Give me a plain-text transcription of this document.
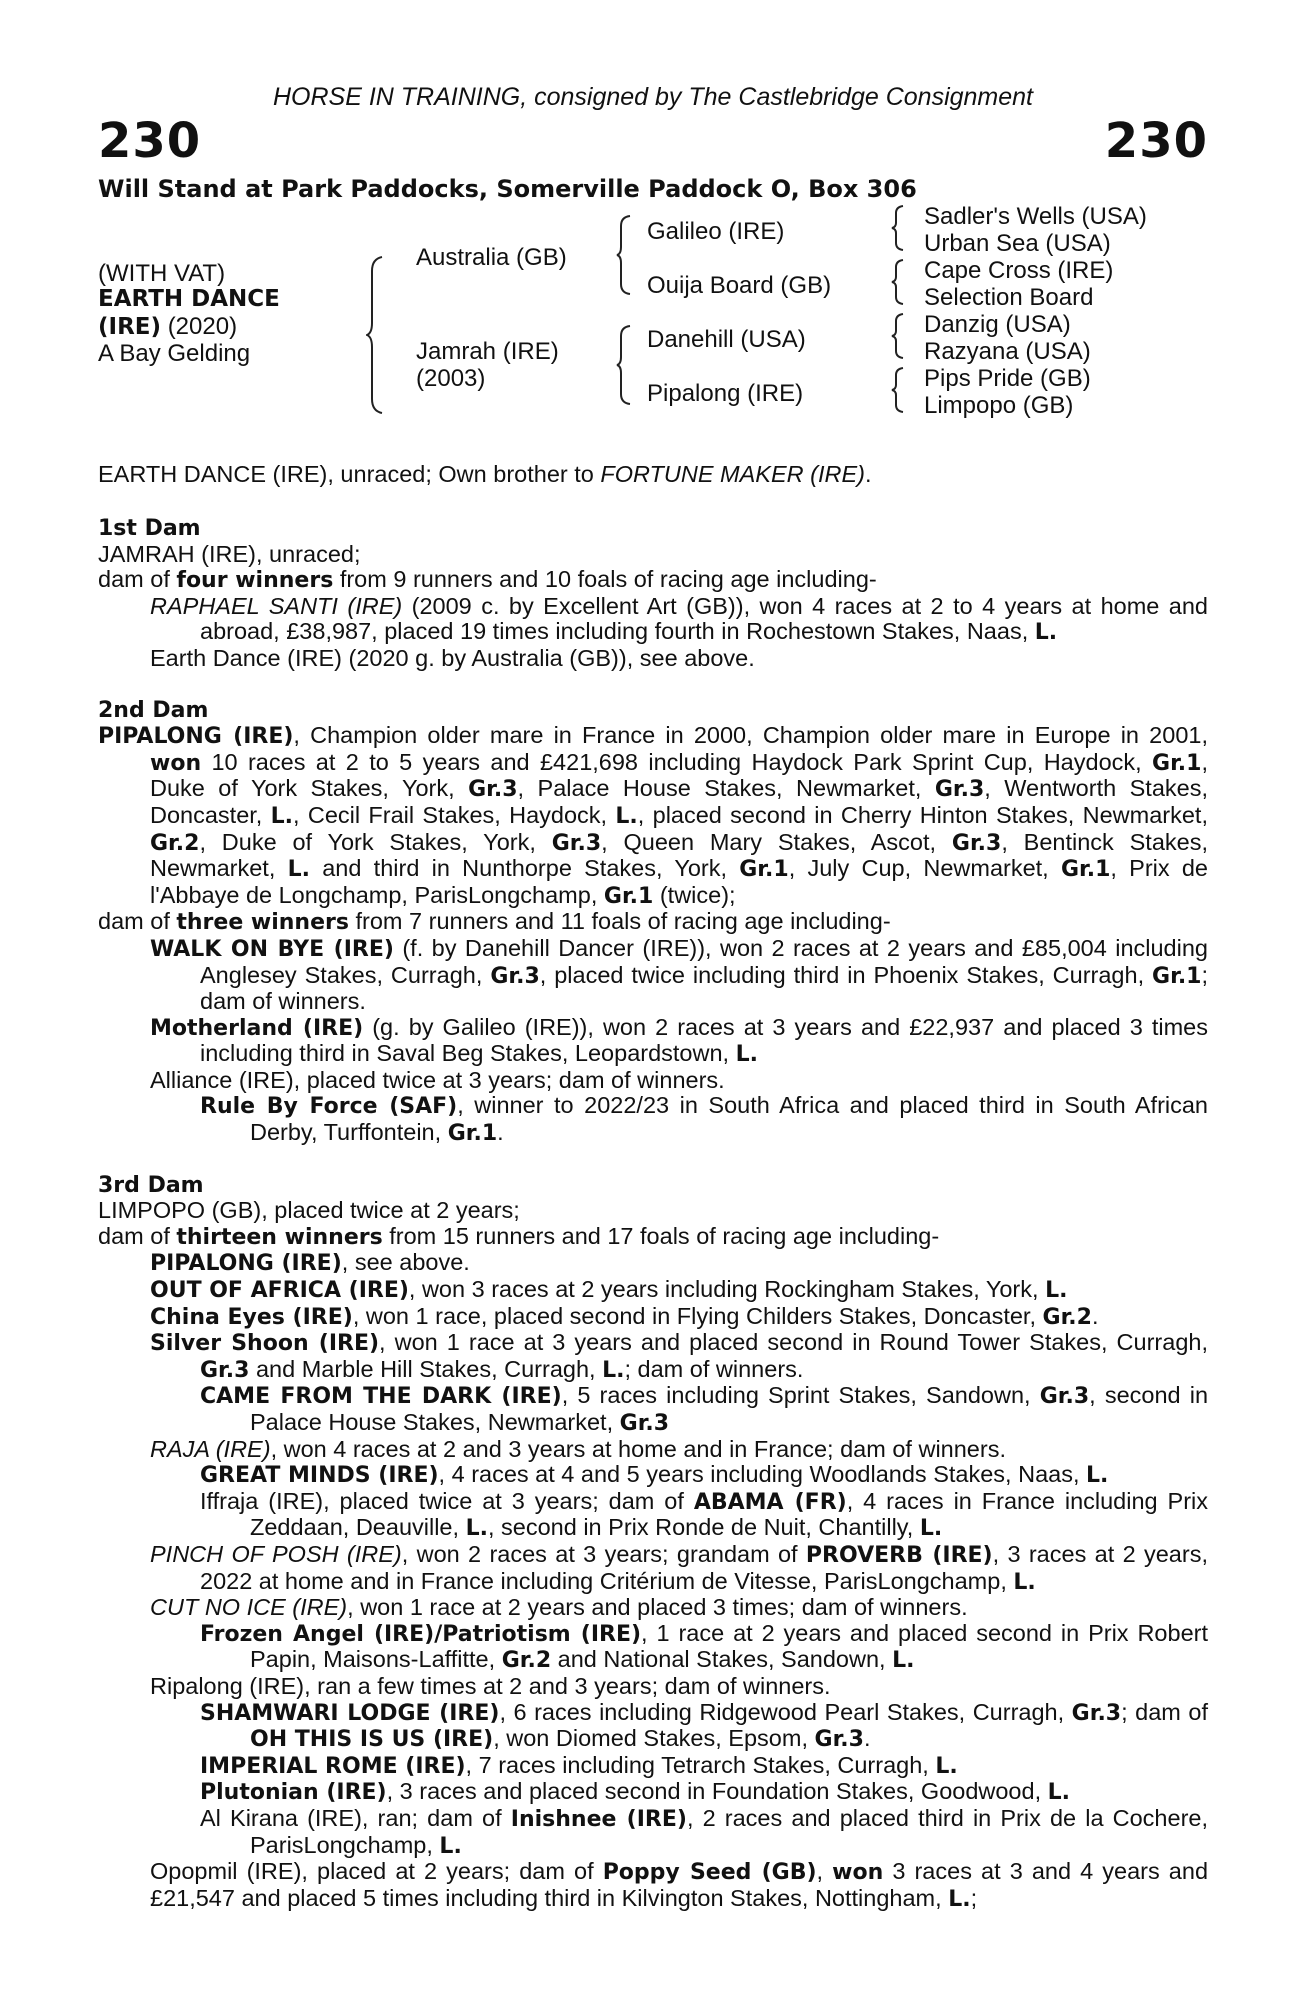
HORSE IN TRAINING, consigned by The Castlebridge Consignment
230	230
Will Stand at Park Paddocks, Somerville Paddock O, Box 306
(WITH VAT)
EARTH DANCE
(IRE) (2020)
A Bay Gelding
Australia (GB)
Jamrah (IRE)
(2003)
Galileo (IRE)
Ouija Board (GB)
Danehill (USA)
Pipalong (IRE)
Sadler's Wells (USA)
Urban Sea (USA)
Cape Cross (IRE)
Selection Board
Danzig (USA)
Razyana (USA)
Pips Pride (GB)
Limpopo (GB)

EARTH DANCE (IRE), unraced; Own brother to FORTUNE MAKER (IRE).

1st Dam

JAMRAH (IRE), unraced;

dam of four winners from 9 runners and 10 foals of racing age including-

RAPHAEL SANTI (IRE) (2009 c. by Excellent Art (GB)), won 4 races at 2 to 4 years at home and abroad, £38,987, placed 19 times including fourth in Rochestown Stakes, Naas, L.

Earth Dance (IRE) (2020 g. by Australia (GB)), see above.

2nd Dam

PIPALONG (IRE), Champion older mare in France in 2000, Champion older mare in Europe in 2001, won 10 races at 2 to 5 years and £421,698 including Haydock Park Sprint Cup, Haydock, Gr.1, Duke of York Stakes, York, Gr.3, Palace House Stakes, Newmarket, Gr.3, Wentworth Stakes, Doncaster, L., Cecil Frail Stakes, Haydock, L., placed second in Cherry Hinton Stakes, Newmarket, Gr.2, Duke of York Stakes, York, Gr.3, Queen Mary Stakes, Ascot, Gr.3, Bentinck Stakes, Newmarket, L. and third in Nunthorpe Stakes, York, Gr.1, July Cup, Newmarket, Gr.1, Prix de l'Abbaye de Longchamp, ParisLongchamp, Gr.1 (twice);

dam of three winners from 7 runners and 11 foals of racing age including-

WALK ON BYE (IRE) (f. by Danehill Dancer (IRE)), won 2 races at 2 years and £85,004 including Anglesey Stakes, Curragh, Gr.3, placed twice including third in Phoenix Stakes, Curragh, Gr.1; dam of winners.

Motherland (IRE) (g. by Galileo (IRE)), won 2 races at 3 years and £22,937 and placed 3 times including third in Saval Beg Stakes, Leopardstown, L.

Alliance (IRE), placed twice at 3 years; dam of winners.

Rule By Force (SAF), winner to 2022/23 in South Africa and placed third in South African Derby, Turffontein, Gr.1.

3rd Dam

LIMPOPO (GB), placed twice at 2 years;

dam of thirteen winners from 15 runners and 17 foals of racing age including-

PIPALONG (IRE), see above.

OUT OF AFRICA (IRE), won 3 races at 2 years including Rockingham Stakes, York, L.

China Eyes (IRE), won 1 race, placed second in Flying Childers Stakes, Doncaster, Gr.2.

Silver Shoon (IRE), won 1 race at 3 years and placed second in Round Tower Stakes, Curragh, Gr.3 and Marble Hill Stakes, Curragh, L.; dam of winners.

CAME FROM THE DARK (IRE), 5 races including Sprint Stakes, Sandown, Gr.3, second in Palace House Stakes, Newmarket, Gr.3

RAJA (IRE), won 4 races at 2 and 3 years at home and in France; dam of winners.

GREAT MINDS (IRE), 4 races at 4 and 5 years including Woodlands Stakes, Naas, L.

Iffraja (IRE), placed twice at 3 years; dam of ABAMA (FR), 4 races in France including Prix Zeddaan, Deauville, L., second in Prix Ronde de Nuit, Chantilly, L.

PINCH OF POSH (IRE), won 2 races at 3 years; grandam of PROVERB (IRE), 3 races at 2 years, 2022 at home and in France including Critérium de Vitesse, ParisLongchamp, L.

CUT NO ICE (IRE), won 1 race at 2 years and placed 3 times; dam of winners.

Frozen Angel (IRE)/Patriotism (IRE), 1 race at 2 years and placed second in Prix Robert Papin, Maisons-Laffitte, Gr.2 and National Stakes, Sandown, L.

Ripalong (IRE), ran a few times at 2 and 3 years; dam of winners.

SHAMWARI LODGE (IRE), 6 races including Ridgewood Pearl Stakes, Curragh, Gr.3; dam of OH THIS IS US (IRE), won Diomed Stakes, Epsom, Gr.3.

IMPERIAL ROME (IRE), 7 races including Tetrarch Stakes, Curragh, L.

Plutonian (IRE), 3 races and placed second in Foundation Stakes, Goodwood, L.

Al Kirana (IRE), ran; dam of Inishnee (IRE), 2 races and placed third in Prix de la Cochere, ParisLongchamp, L.

Opopmil (IRE), placed at 2 years; dam of Poppy Seed (GB), won 3 races at 3 and 4 years and £21,547 and placed 5 times including third in Kilvington Stakes, Nottingham, L.;
